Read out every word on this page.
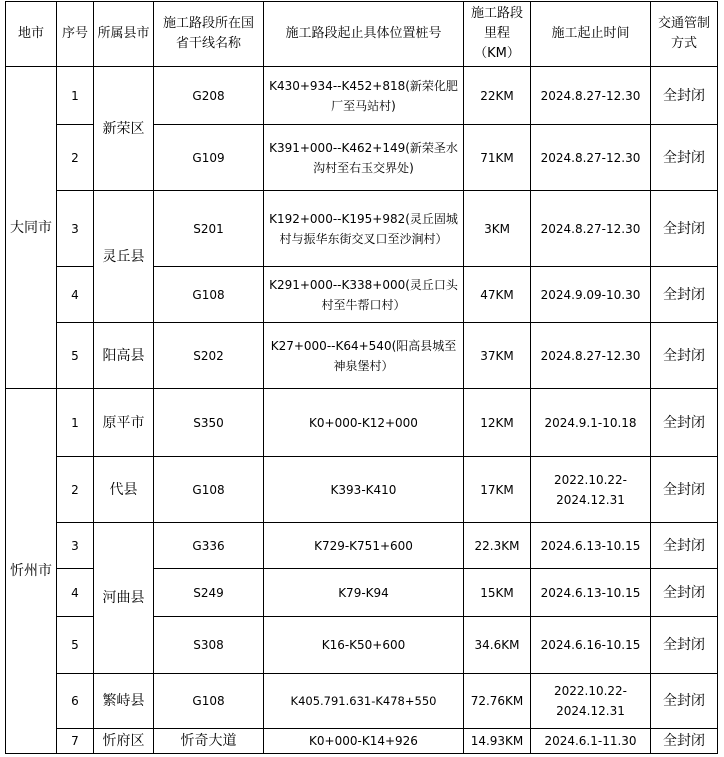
地市	序号	所属县市	施工路段所在国省干线名称	施工路段起止具体位置桩号	施工路段里程（KM）	施工起止时间	交通管制方式
大同市	1	新荣区	G208	K430+934--K452+818(新荣化肥厂至马站村)	22KM	2024.8.27-12.30	全封闭
	2		G109	K391+000--K462+149(新荣圣水沟村至右玉交界处)	71KM	2024.8.27-12.30	全封闭
	3	灵丘县	S201	K192+000--K195+982(灵丘固城村与振华东街交叉口至沙涧村）	3KM	2024.8.27-12.30	全封闭
	4		G108	K291+000--K338+000(灵丘口头村至牛帮口村）	47KM	2024.9.09-10.30	全封闭
	5	阳高县	S202	K27+000--K64+540(阳高县城至神泉堡村）	37KM	2024.8.27-12.30	全封闭
忻州市	1	原平市	S350	K0+000-K12+000	12KM	2024.9.1-10.18	全封闭
	2	代县	G108	K393-K410	17KM	2022.10.22-2024.12.31	全封闭
	3	河曲县	G336	K729-K751+600	22.3KM	2024.6.13-10.15	全封闭
	4		S249	K79-K94	15KM	2024.6.13-10.15	全封闭
	5		S308	K16-K50+600	34.6KM	2024.6.16-10.15	全封闭
	6	繁峙县	G108	K405.791.631-K478+550	72.76KM	2022.10.22-2024.12.31	全封闭
	7	忻府区	忻奇大道	K0+000-K14+926	14.93KM	2024.6.1-11.30	全封闭
